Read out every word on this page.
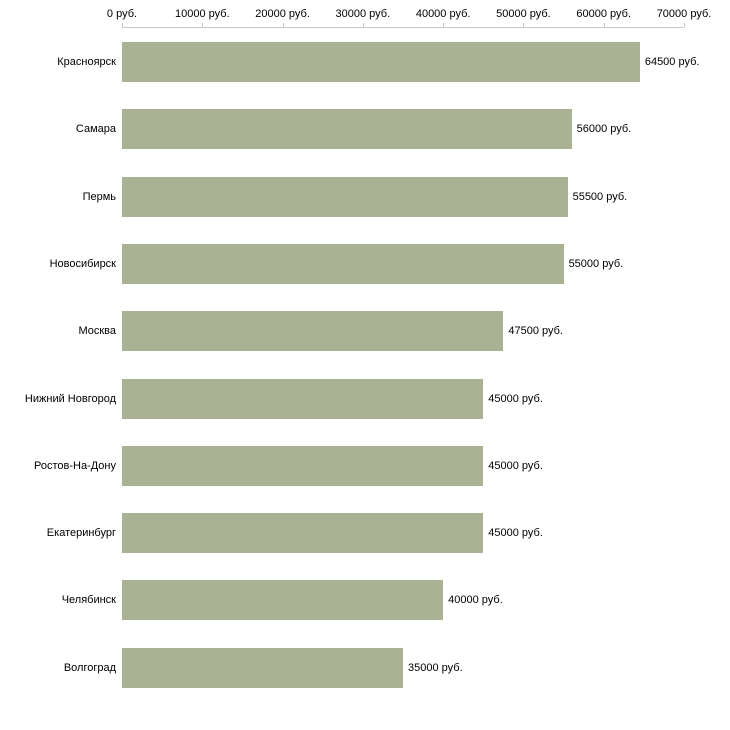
0 руб.	10000 руб. 20000 руб. 30000 руб. 40000 руб. 50000 руб. 60000 руб. 70000 руб.
Красноярск	64500 руб.
Самара	56000 руб.
Пермь	55500 руб.
Новосибирск	55000 руб.
Москва	47500 руб.
Нижний Новгород	45000 руб.
Ростов-На-Дону	45000 руб.
Екатеринбург	45000 руб.
Челябинск	40000 руб.
Волгоград	35000 руб.
